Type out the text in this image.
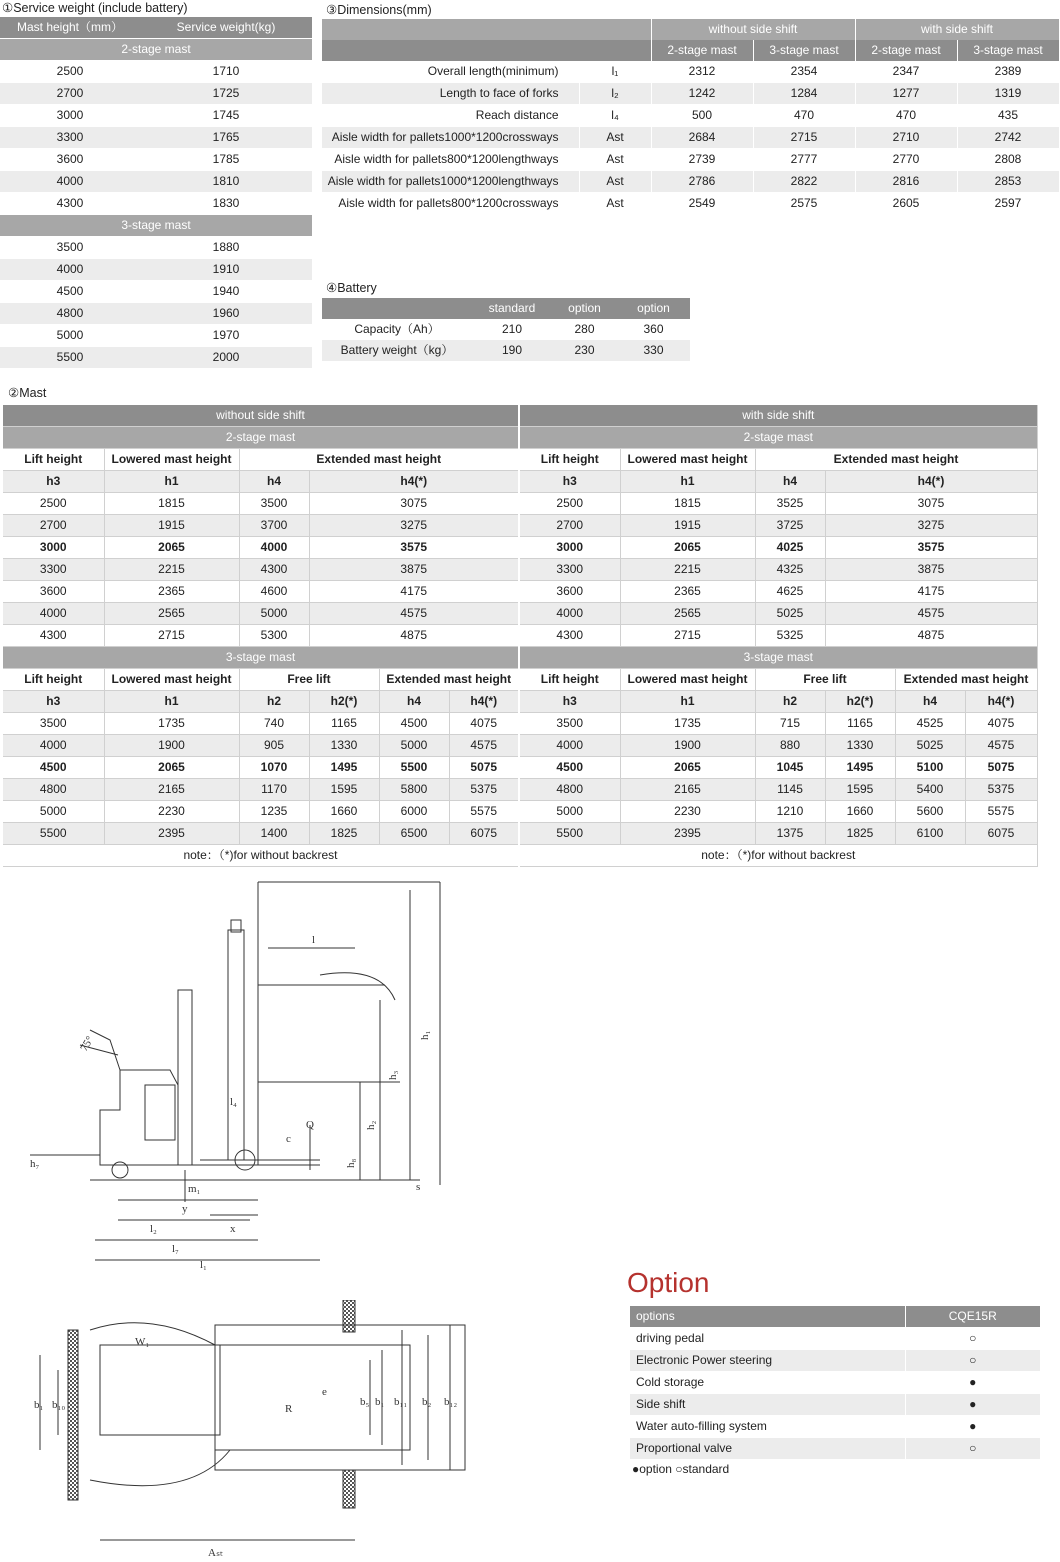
①Service weight (include battery)
Mast height（mm）	Service weight(kg)
2-stage mast	
2500	1710
2700	1725
3000	1745
3300	1765
3600	1785
4000	1810
4300	1830
3-stage mast	
3500	1880
4000	1910
4500	1940
4800	1960
5000	1970
5500	2000
③Dimensions(mm)
		without side shift		with side shift	
		2-stage mast	3-stage mast	2-stage mast	3-stage mast
Overall length(minimum)	l₁	2312	2354	2347	2389
Length to face of forks	l₂	1242	1284	1277	1319
Reach distance	l₄	500	470	470	435
Aisle width for pallets1000*1200crossways	Ast	2684	2715	2710	2742
Aisle width for pallets800*1200lengthways	Ast	2739	2777	2770	2808
Aisle width for pallets1000*1200lengthways	Ast	2786	2822	2816	2853
Aisle width for pallets800*1200crossways	Ast	2549	2575	2605	2597
④Battery
	standard	option	option
Capacity（Ah）	210	280	360
Battery weight（kg）	190	230	330
②Mast
without side shift						with side shift					
2-stage mast						2-stage mast					
Lift height	Lowered mast height	Extended mast height				Lift height	Lowered mast height	Extended mast height			
h3	h1	h4	h4(*)			h3	h1	h4	h4(*)		
2500	1815	3500	3075			2500	1815	3525	3075		
2700	1915	3700	3275			2700	1915	3725	3275		
3000	2065	4000	3575			3000	2065	4025	3575		
3300	2215	4300	3875			3300	2215	4325	3875		
3600	2365	4600	4175			3600	2365	4625	4175		
4000	2565	5000	4575			4000	2565	5025	4575		
4300	2715	5300	4875			4300	2715	5325	4875		
3-stage mast						3-stage mast					
Lift height	Lowered mast height	Free lift		Extended mast height		Lift height	Lowered mast height	Free lift		Extended mast height	
h3	h1	h2	h2(*)	h4	h4(*)	h3	h1	h2	h2(*)	h4	h4(*)
3500	1735	740	1165	4500	4075	3500	1735	715	1165	4525	4075
4000	1900	905	1330	5000	4575	4000	1900	880	1330	5025	4575
4500	2065	1070	1495	5500	5075	4500	2065	1045	1495	5100	5075
4800	2165	1170	1595	5800	5375	4800	2165	1145	1595	5400	5375
5000	2230	1235	1660	6000	5575	5000	2230	1210	1660	5600	5575
5500	2395	1400	1825	6500	6075	5500	2395	1375	1825	6100	6075
note：（*)for without backrest						note：（*)for without backrest					
l
h₁
h₃
h₂
h₈
l₄
c
Q
m₁
y
l₂	x
l₇
l₁
s
h₇
75°
W₁
b₁ b₁₀	R
e
b₅ b₁ b₁₁ b₂ b₁₂
Aₛₜ
Option
options	CQE15R
driving pedal	○
Electronic Power steering	○
Cold storage	●
Side shift	●
Water auto-filling system	●
Proportional valve	○
●option ○standard
